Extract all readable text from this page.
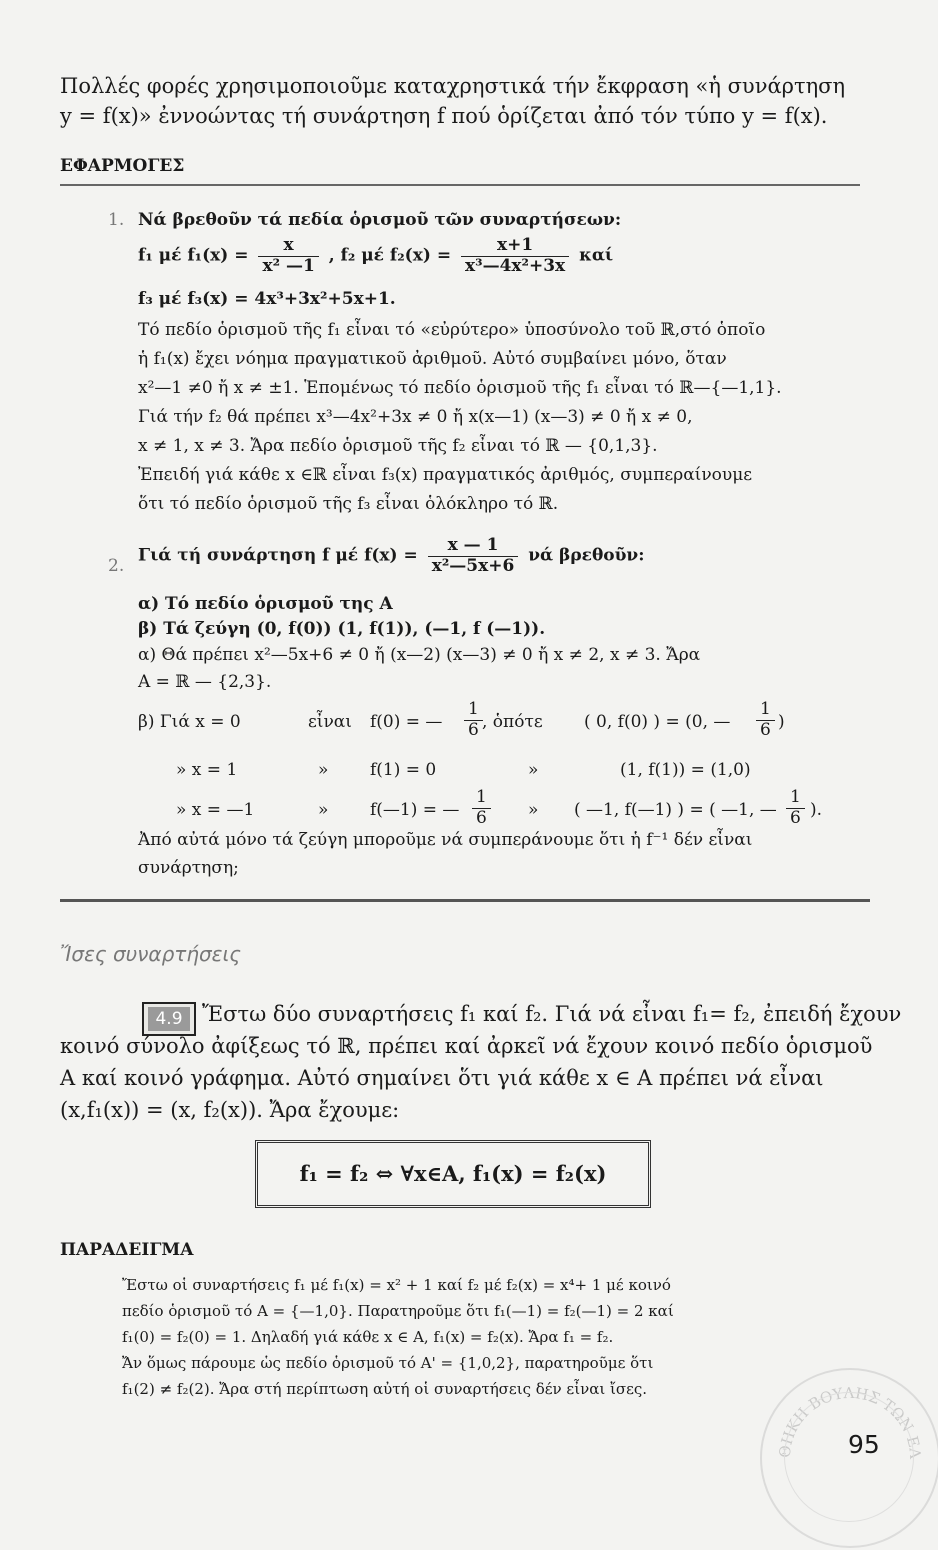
Πολλές φορές χρησιμοποιοῦμε καταχρηστικά τήν ἔκφραση «ἡ συνάρτηση
y = f(x)» ἐννοώντας τή συνάρτηση f πού ὁρίζεται ἀπό τόν τύπο y = f(x).
ΕΦΑΡΜΟΓΕΣ
1. Νά βρεθοῦν τά πεδία ὁρισμοῦ τῶν συναρτήσεων:
f₁ μέ $f_1(x) = \frac{x}{\text{x² —1}}$ , f₂ μέ $f_2(x) = \frac{x+1}{\text{x³—4x²+3x}}$ καί
f₃ μέ f₃(x) = 4x³+3x²+5x+1.
Τό πεδίο ὁρισμοῦ τῆς f₁ εἶναι τό «εὐρύτερο» ὑποσύνολο τοῦ ℝ,στό ὁποῖο
ἡ f₁(x) ἔχει νόημα πραγματικοῦ ἀριθμοῦ. Αὐτό συμβαίνει μόνο, ὅταν
x²—1 ≠0 ἤ x ≠ ±1. Ἑπομένως τό πεδίο ὁρισμοῦ τῆς f₁ εἶναι τό ℝ—{—1,1}.
Γιά τήν f₂ θά πρέπει x³—4x²+3x ≠ 0 ἤ x(x—1) (x—3) ≠ 0 ἤ x ≠ 0,
x ≠ 1, x ≠ 3. Ἄρα πεδίο ὁρισμοῦ τῆς f₂ εἶναι τό ℝ — {0,1,3}.
Ἐπειδή γιά κάθε x ∈ℝ εἶναι f₃(x) πραγματικός ἀριθμός, συμπεραίνουμε
ὅτι τό πεδίο ὁρισμοῦ τῆς f₃ εἶναι ὁλόκληρο τό ℝ.
2.
Γιά τή συνάρτηση f μέ $f(x) = \frac{x — 1}{\text{x²—5x+6}}$ νά βρεθοῦν:
α) Τό πεδίο ὁρισμοῦ της A
β) Τά ζεύγη (0, f(0)) (1, f(1)), (—1, f (—1)).
α) Θά πρέπει x²—5x+6 ≠ 0 ἤ (x—2) (x—3) ≠ 0 ἤ x ≠ 2, x ≠ 3. Ἄρα
A = ℝ — {2,3}.
β) Γιά x = 0	εἶναι f(0) = — $\frac{1}{6}$ , ὁπότε ( 0, f(0) ) = (0, — $\frac{1}{6}$ )
» x = 1	» f(1) = 0	»	(1, f(1)) = (1,0)
» x = —1	» f(—1) = — $\frac{1}{6}$ » ( —1, f(—1) ) = ( —1, — $\frac{1}{6}$ ).
Ἀπό αὐτά μόνο τά ζεύγη μποροῦμε νά συμπεράνουμε ὅτι ἡ f⁻¹ δέν εἶναι
συνάρτηση;
Ἴσες συναρτήσεις
4.9 Ἔστω δύο συναρτήσεις f₁ καί f₂. Γιά νά εἶναι f₁= f₂, ἐπειδή ἔχουν
κοινό σύνολο ἀφίξεως τό ℝ, πρέπει καί ἀρκεῖ νά ἔχουν κοινό πεδίο ὁρισμοῦ
A καί κοινό γράφημα. Αὐτό σημαίνει ὅτι γιά κάθε x ∈ A πρέπει νά εἶναι
(x,f₁(x)) = (x, f₂(x)). Ἄρα ἔχουμε:
f₁ = f₂ ⇔ ∀x∈A, f₁(x) = f₂(x)
ΠΑΡΑΔΕΙΓΜΑ
Ἔστω οἱ συναρτήσεις f₁ μέ f₁(x) = x² + 1 καί f₂ μέ f₂(x) = x⁴+ 1 μέ κοινό
πεδίο ὁρισμοῦ τό A = {—1,0}. Παρατηροῦμε ὅτι f₁(—1) = f₂(—1) = 2 καί
f₁(0) = f₂(0) = 1. Δηλαδή γιά κάθε x ∈ A, f₁(x) = f₂(x). Ἄρα f₁ = f₂.
Ἄν ὅμως πάρουμε ὡς πεδίο ὁρισμοῦ τό A' = {1,0,2}, παρατηροῦμε ὅτι
f₁(2) ≠ f₂(2). Ἄρα στή περίπτωση αὐτή οἱ συναρτήσεις δέν εἶναι ἴσες.
ΘΗΚΗ ΒΟΥΛΗΣ ΤΩΝ ΕΛ
95
